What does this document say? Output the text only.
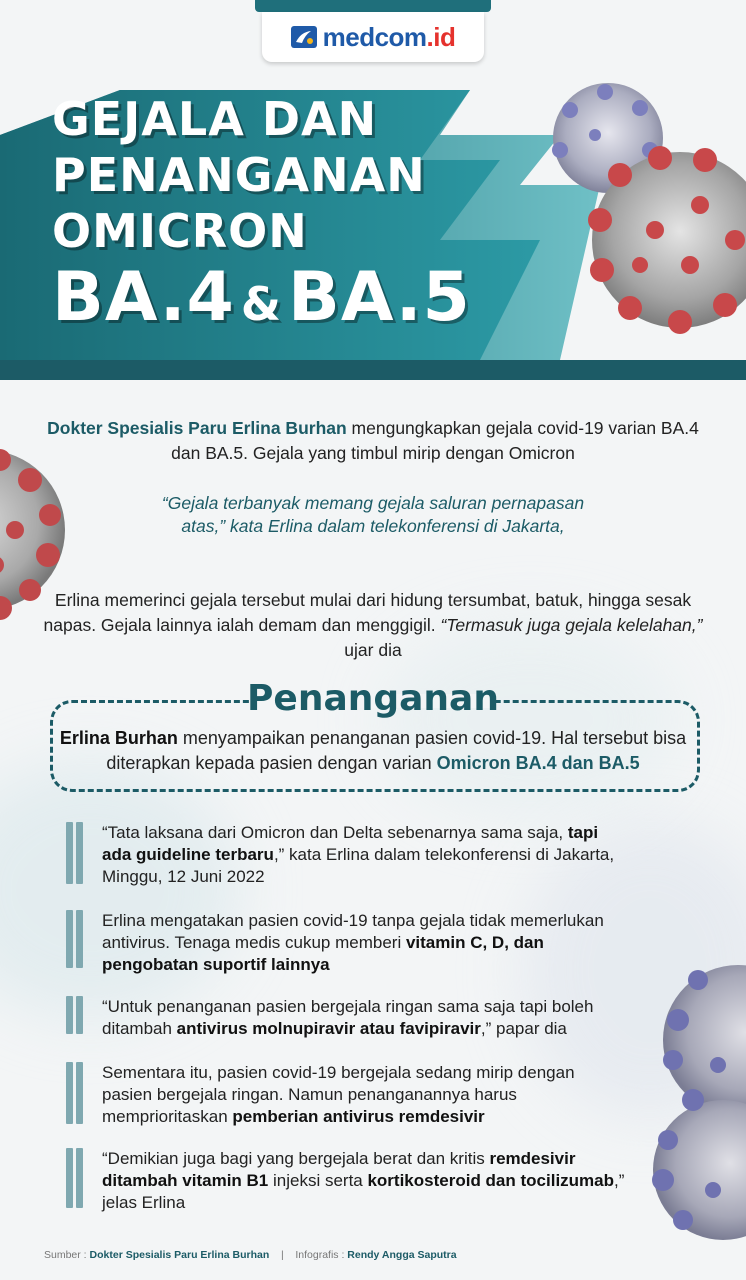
medcom.id
GEJALA DAN
PENANGANAN
OMICRON
BA.4 &BA.5
Dokter Spesialis Paru Erlina Burhan mengungkapkan gejala covid-19 varian BA.4 dan BA.5. Gejala yang timbul mirip dengan Omicron
“Gejala terbanyak memang gejala saluran pernapasan atas,” kata Erlina dalam telekonferensi di Jakarta,
Erlina memerinci gejala tersebut mulai dari hidung tersumbat, batuk, hingga sesak napas. Gejala lainnya ialah demam dan menggigil. “Termasuk juga gejala kelelahan,” ujar dia
Penanganan
Erlina Burhan menyampaikan penanganan pasien covid-19. Hal tersebut bisa diterapkan kepada pasien dengan varian Omicron BA.4 dan BA.5
“Tata laksana dari Omicron dan Delta sebenarnya sama saja, tapi ada guideline terbaru,” kata Erlina dalam telekonferensi di Jakarta, Minggu, 12 Juni 2022
Erlina mengatakan pasien covid-19 tanpa gejala tidak memerlukan antivirus. Tenaga medis cukup memberi vitamin C, D, dan pengobatan suportif lainnya
“Untuk penanganan pasien bergejala ringan sama saja tapi boleh ditambah antivirus molnupiravir atau favipiravir,” papar dia
Sementara itu, pasien covid-19 bergejala sedang mirip dengan pasien bergejala ringan. Namun penanganannya harus memprioritaskan pemberian antivirus remdesivir
“Demikian juga bagi yang bergejala berat dan kritis remdesivir ditambah vitamin B1 injeksi serta kortikosteroid dan tocilizumab,” jelas Erlina
Sumber : Dokter Spesialis Paru Erlina Burhan | Infografis : Rendy Angga Saputra
